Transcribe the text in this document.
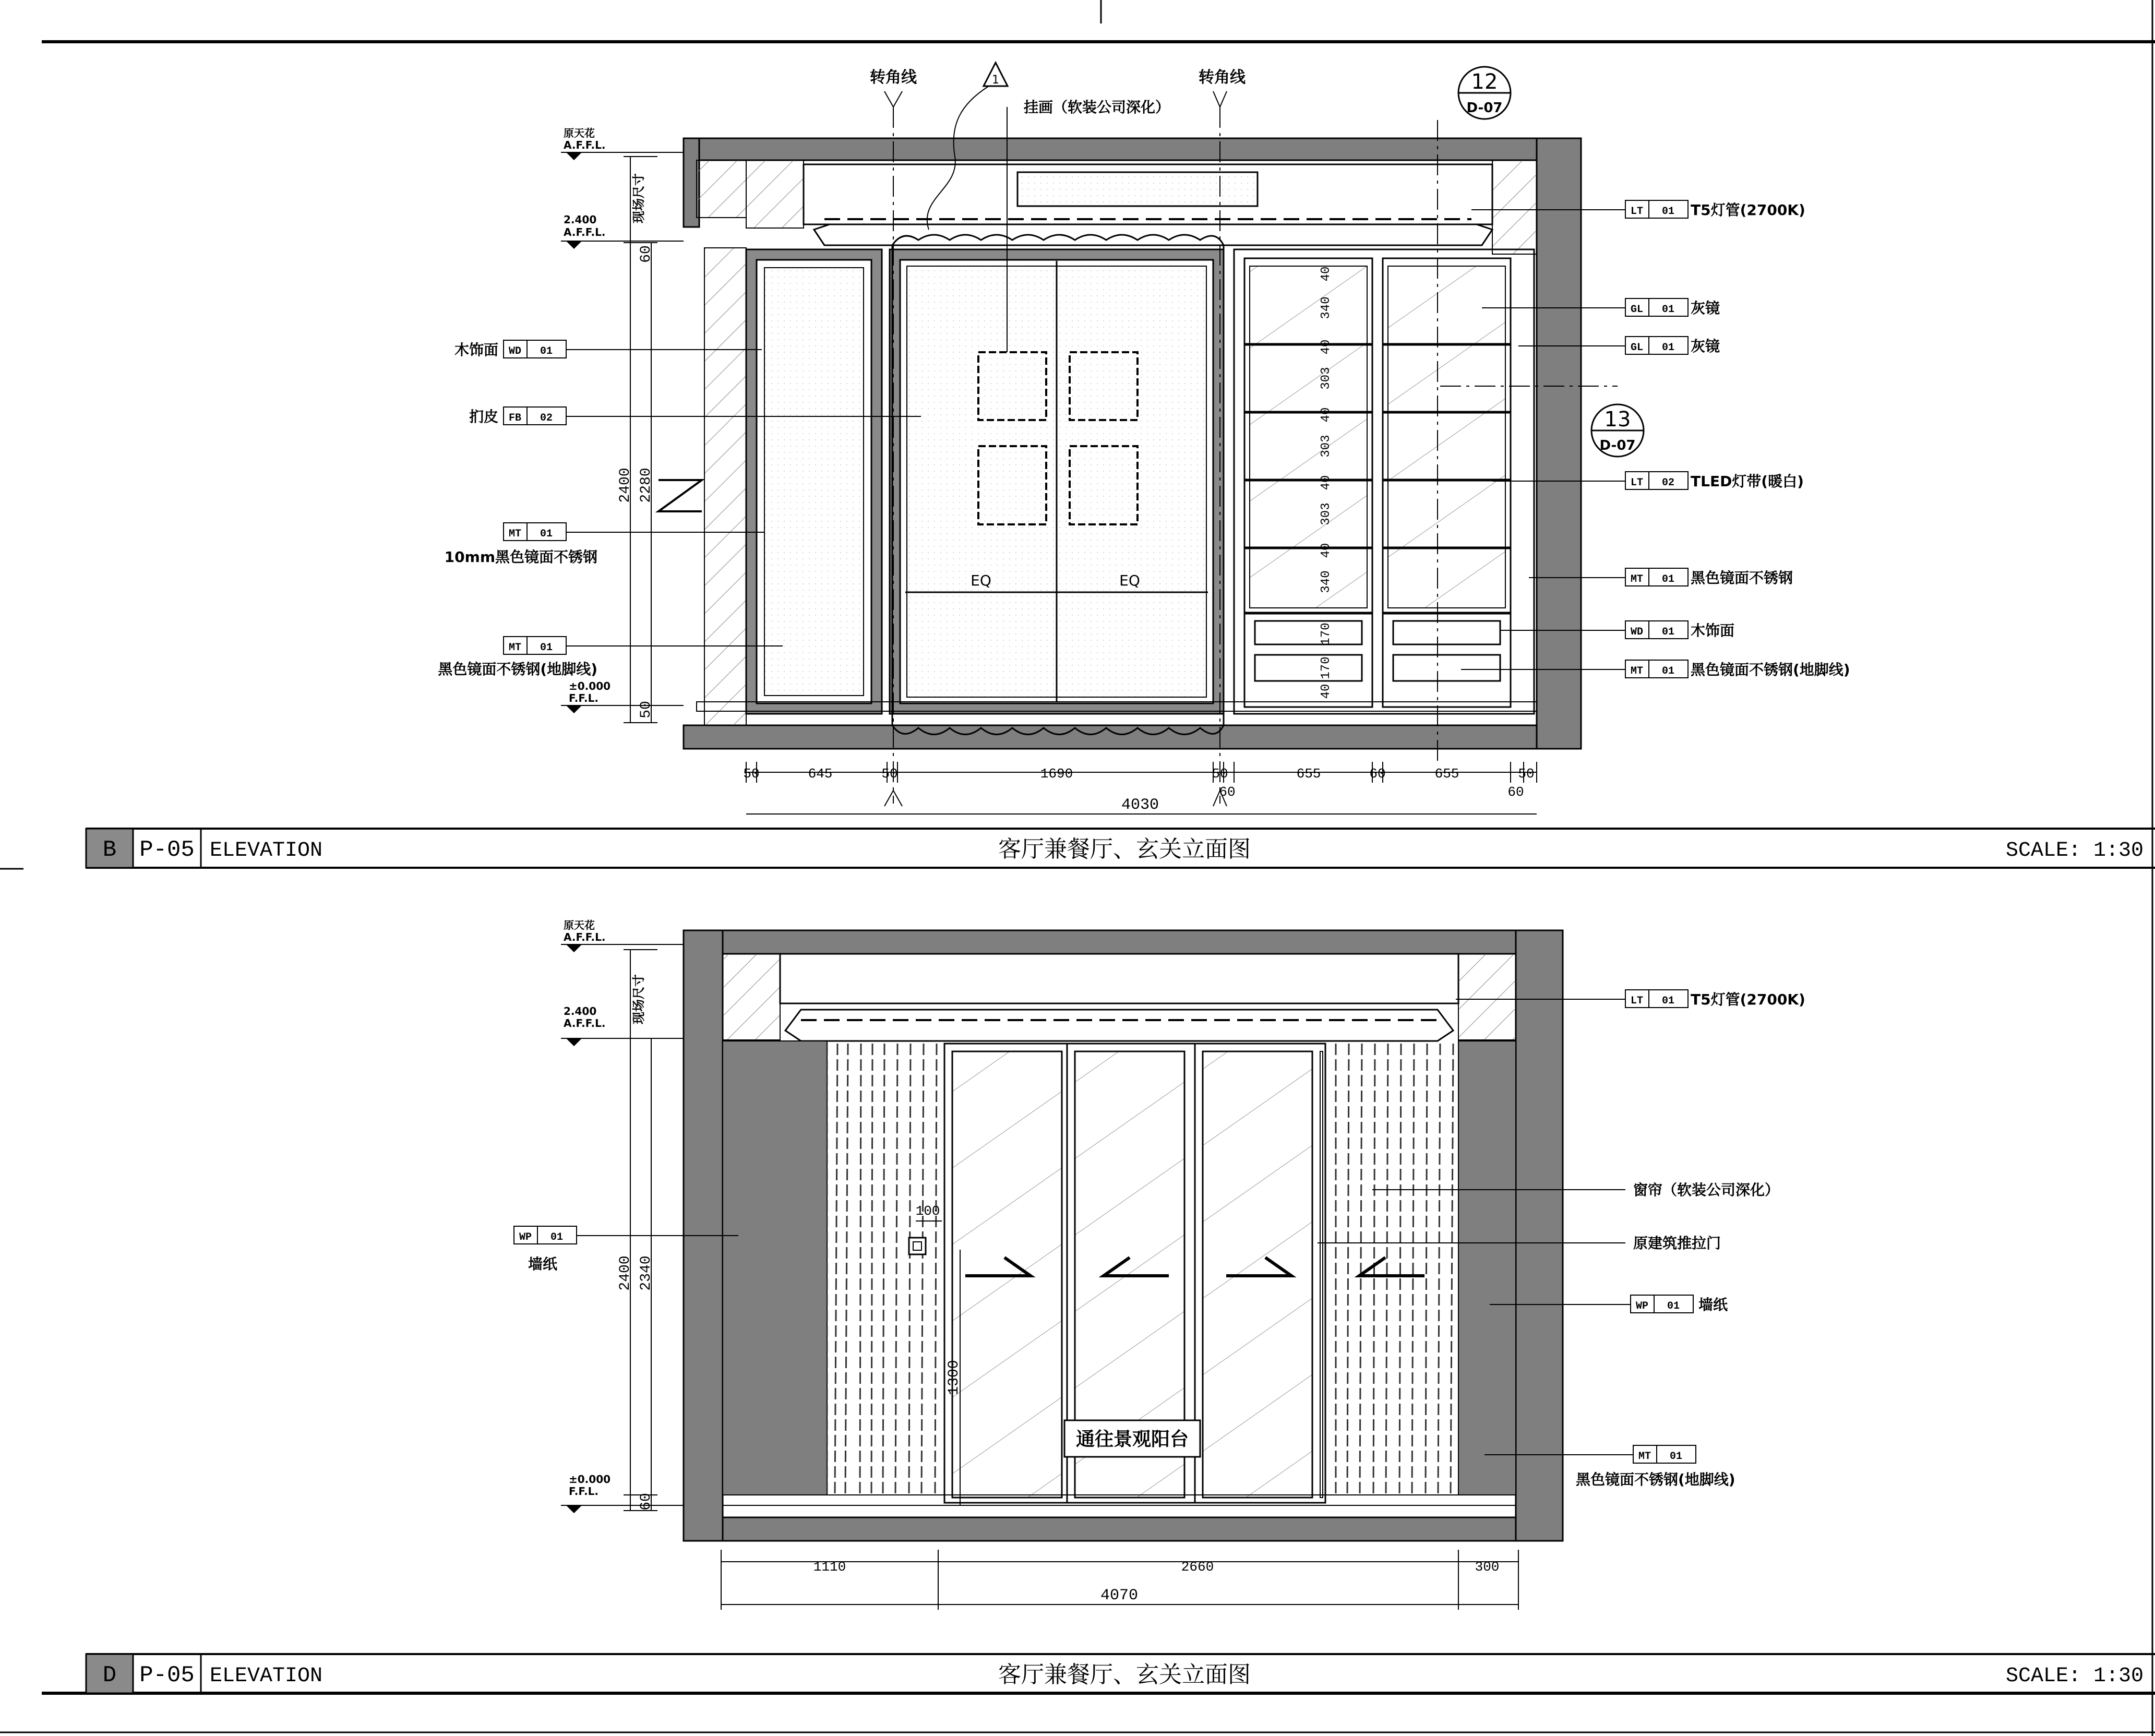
转角线	转角线
1
挂画（软装公司深化）
12
D-07
13
D-07
EQ	EQ
原天花
A.F.F.L.
2.400
A.F.F.L.
±0.000
F.F.L.
现场尺寸
60
2280
2400
50
40
340
40
303
40
303
40
303
40
340
170
170
40
50	645	50	1690	50
60
655	60	655	50
60
4030
WD 01
木饰面
FB 02
扪皮
MT 01
10mm黑色镜面不锈钢
MT 01
黑色镜面不锈钢(地脚线)
LT 01 T5灯管(2700K)
GL 01 灰镜
GL 01 灰镜
LT 02 TLED灯带(暖白)
MT 01 黑色镜面不锈钢
WD 01 木饰面
MT 01 黑色镜面不锈钢(地脚线)
B P-05 ELEVATION	客厅兼餐厅、玄关立面图	SCALE: 1:30
通往景观阳台
100
1300
原天花
A.F.F.L.
2.400
A.F.F.L.
±0.000
F.F.L.
现场尺寸
2340
2400
60
1110	2660	300
4070
WP 01
墙纸
LT 01 T5灯管(2700K)
窗帘（软装公司深化）
原建筑推拉门
WP 01 墙纸
MT 01
黑色镜面不锈钢(地脚线)
D P-05 ELEVATION	客厅兼餐厅、玄关立面图	SCALE: 1:30
